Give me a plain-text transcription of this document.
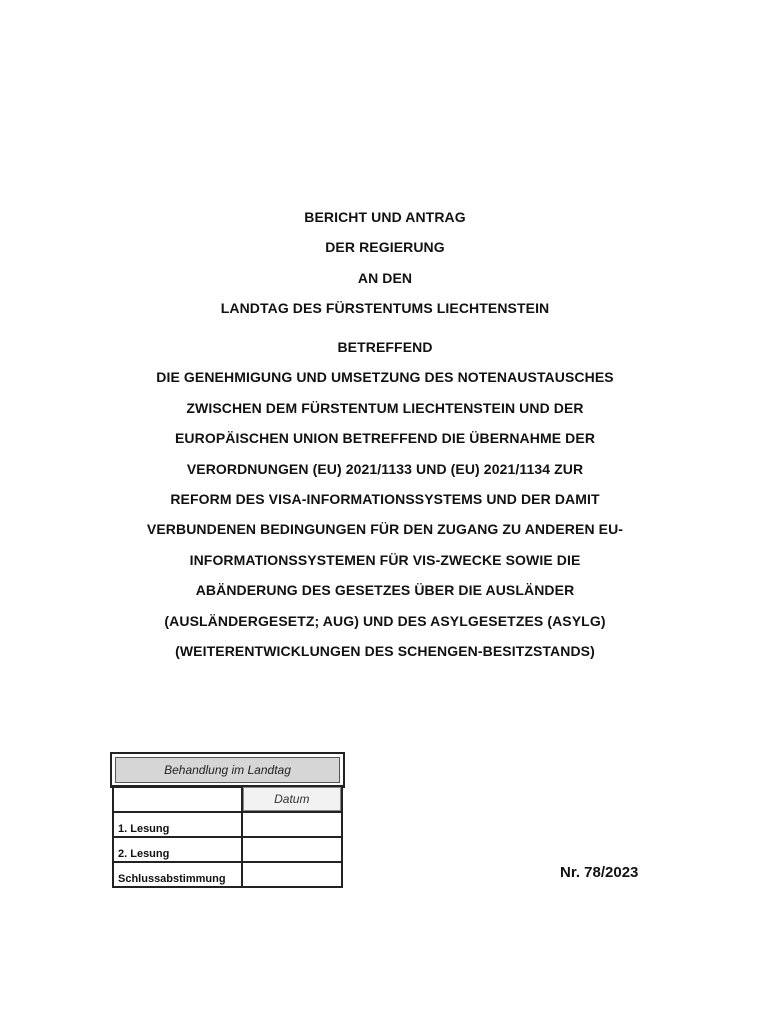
BERICHT UND ANTRAG
DER REGIERUNG
AN DEN
LANDTAG DES FÜRSTENTUMS LIECHTENSTEIN
BETREFFEND
DIE GENEHMIGUNG UND UMSETZUNG DES NOTENAUSTAUSCHES
ZWISCHEN DEM FÜRSTENTUM LIECHTENSTEIN UND DER
EUROPÄISCHEN UNION BETREFFEND DIE ÜBERNAHME DER
VERORDNUNGEN (EU) 2021/1133 UND (EU) 2021/1134 ZUR
REFORM DES VISA-INFORMATIONSSYSTEMS UND DER DAMIT
VERBUNDENEN BEDINGUNGEN FÜR DEN ZUGANG ZU ANDEREN EU-
INFORMATIONSSYSTEMEN FÜR VIS-ZWECKE SOWIE DIE
ABÄNDERUNG DES GESETZES ÜBER DIE AUSLÄNDER
(AUSLÄNDERGESETZ; AUG) UND DES ASYLGESETZES (ASYLG)
(WEITERENTWICKLUNGEN DES SCHENGEN-BESITZSTANDS)
Behandlung im Landtag
	Datum
1. Lesung	
2. Lesung	
Schlussabstimmung		Nr. 78/2023
